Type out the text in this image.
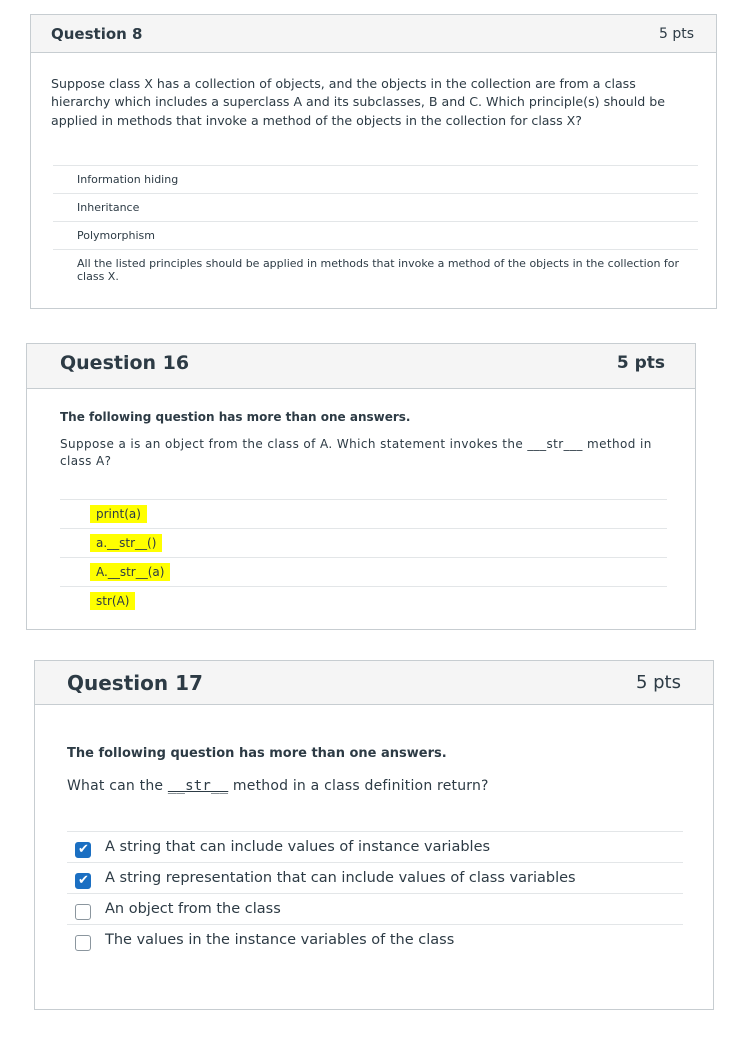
Question 8	5 pts
Suppose class X has a collection of objects, and the objects in the collection are from a class hierarchy which includes a superclass A and its subclasses, B and C. Which principle(s) should be applied in methods that invoke a method of the objects in the collection for class X?
Information hiding
Inheritance
Polymorphism
All the listed principles should be applied in methods that invoke a method of the objects in the collection for class X.
Question 16	5 pts
The following question has more than one answers.
Suppose a is an object from the class of A. Which statement invokes the ___str___ method in class A?
print(a)
a.__str__()
A.__str__(a)
str(A)
Question 17	5 pts
The following question has more than one answers.
What can the __str__ method in a class definition return?
✔
A string that can include values of instance variables
✔
A string representation that can include values of class variables
An object from the class
The values in the instance variables of the class
